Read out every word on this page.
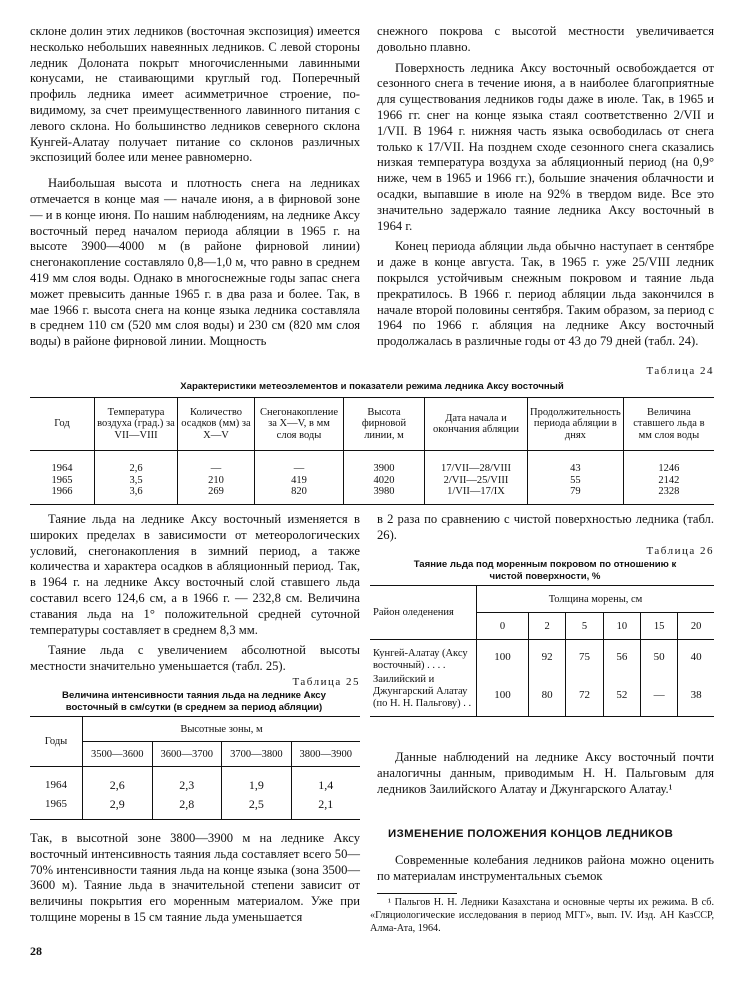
склоне долин этих ледников (восточная экспозиция) имеется несколько небольших навеянных ледников. С левой стороны ледник Долоната покрыт многочисленными лавинными конусами, не стаивающими круглый год. Поперечный профиль ледника имеет асимметричное строение, по-видимому, за счет преимущественного лавинного питания с левого склона. Но большинство ледников северного склона Кунгей-Алатау получает питание со склонов различных экспозиций более или менее равномерно.

Наибольшая высота и плотность снега на ледниках отмечается в конце мая — начале июня, а в фирновой зоне — и в конце июня. По нашим наблюдениям, на леднике Аксу восточный перед началом периода абляции в 1965 г. на высоте 3900—4000 м (в районе фирновой линии) снегонакопление составляло 0,8—1,0 м, что равно в среднем 419 мм слоя воды. Однако в многоснежные годы запас снега может превысить данные 1965 г. в два раза и более. Так, в мае 1966 г. высота снега на конце языка ледника составляла в среднем 110 см (520 мм слоя воды) и 230 см (820 мм слоя воды) в районе фирновой линии. Мощность

снежного покрова с высотой местности увеличивается довольно плавно.

Поверхность ледника Аксу восточный освобождается от сезонного снега в течение июня, а в наиболее благоприятные для существования ледников годы даже в июле. Так, в 1965 и 1966 гг. снег на конце языка стаял соответственно 2/VII и 1/VII. В 1964 г. нижняя часть языка освободилась от снега только к 17/VII. На позднем сходе сезонного снега сказались низкая температура воздуха за абляционный период (на 0,9° ниже, чем в 1965 и 1966 гг.), большие значения облачности и осадки, выпавшие в июле на 92% в твердом виде. Все это значительно задержало таяние ледника Аксу восточный в 1964 г.

Конец периода абляции льда обычно наступает в сентябре и даже в конце августа. Так, в 1965 г. уже 25/VIII ледник покрылся устойчивым снежным покровом и таяние льда прекратилось. В 1966 г. период абляции льда закончился в начале второй половины сентября. Таким образом, за период с 1964 по 1966 г. абляция на леднике Аксу восточный продолжалась в различные годы от 43 до 79 дней (табл. 24).

Таблица 24
Характеристики метеоэлементов и показатели режима ледника Аксу восточный
Год	Температура воздуха (град.) за VII—VIII	Количество осадков (мм) за X—V	Снегонакопление за X—V, в мм слоя воды	Высота фирновой линии, м	Дата начала и окончания абляции	Продолжительность периода абляции в днях	Величина ставшего льда в мм слоя воды
1964	2,6	—	—	3900	17/VII—28/VIII	43	1246
1965	3,5	210	419	4020	2/VII—25/VIII	55	2142
1966	3,6	269	820	3980	1/VII—17/IX	79	2328

Таяние льда на леднике Аксу восточный изменяется в широких пределах в зависимости от метеорологических условий, снегонакопления в зимний период, а также количества и характера осадков в абляционный период. Так, в 1964 г. на леднике Аксу восточный слой ставшего льда составил всего 124,6 см, а в 1966 г. — 232,8 см. Величина ставания льда на 1° положительной средней суточной температуры составляет в среднем 8,3 мм.

Таяние льда с увеличением абсолютной высоты местности значительно уменьшается (табл. 25).

Таблица 25
Величина интенсивности таяния льда на леднике Аксу восточный в см/сутки (в среднем за период абляции)
Годы	Высотные зоны, м			
	3500—3600	3600—3700	3700—3800	3800—3900
1964	2,6	2,3	1,9	1,4
1965	2,9	2,8	2,5	2,1

Так, в высотной зоне 3800—3900 м на леднике Аксу восточный интенсивность таяния льда составляет всего 50—70% интенсивности таяния льда на конце языка (зона 3500—3600 м). Таяние льда в значительной степени зависит от величины покрытия его моренным материалом. Уже при толщине морены в 15 см таяние льда уменьшается

в 2 раза по сравнению с чистой поверхностью ледника (табл. 26).

Таблица 26
Таяние льда под моренным покровом по отношению к чистой поверхности, %
Район оледенения	Толщина морены, см					
	0	2	5	10	15	20
Кунгей-Алатау (Аксу восточный) . . . .	100	92	75	56	50	40
Заилийский и Джунгарский Алатау (по Н. Н. Пальгову) . .	100	80	72	52	—	38

Данные наблюдений на леднике Аксу восточный почти аналогичны данным, приводимым Н. Н. Пальговым для ледников Заилийского Алатау и Джунгарского Алатау.¹

ИЗМЕНЕНИЕ ПОЛОЖЕНИЯ КОНЦОВ ЛЕДНИКОВ

Современные колебания ледников района можно оценить по материалам инструментальных съемок

¹ Пальгов Н. Н. Ледники Казахстана и основные черты их режима. В сб. «Гляциологические исследования в период МГГ», вып. IV. Изд. АН КазССР, Алма-Ата, 1964.

28
